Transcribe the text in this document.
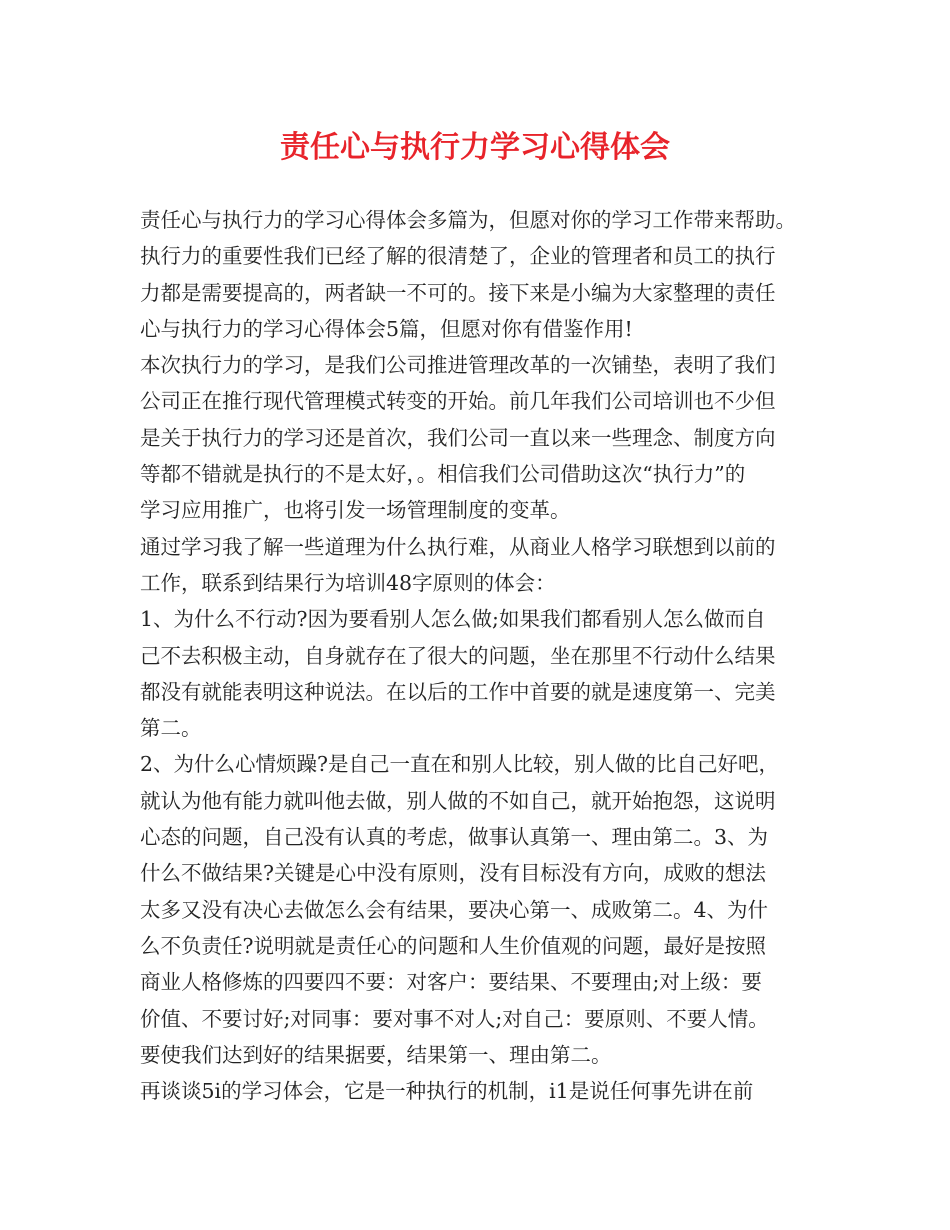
责任心与执行力学习心得体会
责任心与执行力的学习心得体会多篇为，但愿对你的学习工作带来帮助。
执行力的重要性我们已经了解的很清楚了，企业的管理者和员工的执行
力都是需要提高的，两者缺一不可的。接下来是小编为大家整理的责任
心与执行力的学习心得体会5篇，但愿对你有借鉴作用!
本次执行力的学习，是我们公司推进管理改革的一次铺垫，表明了我们
公司正在推行现代管理模式转变的开始。前几年我们公司培训也不少但
是关于执行力的学习还是首次，我们公司一直以来一些理念、制度方向
等都不错就是执行的不是太好，。相信我们公司借助这次“执行力”的
学习应用推广，也将引发一场管理制度的变革。
通过学习我了解一些道理为什么执行难，从商业人格学习联想到以前的
工作，联系到结果行为培训48字原则的体会：
1、为什么不行动?因为要看别人怎么做;如果我们都看别人怎么做而自
己不去积极主动，自身就存在了很大的问题，坐在那里不行动什么结果
都没有就能表明这种说法。在以后的工作中首要的就是速度第一、完美
第二。
2、为什么心情烦躁?是自己一直在和别人比较，别人做的比自己好吧，
就认为他有能力就叫他去做，别人做的不如自己，就开始抱怨，这说明
心态的问题，自己没有认真的考虑，做事认真第一、理由第二。3、为
什么不做结果?关键是心中没有原则，没有目标没有方向，成败的想法
太多又没有决心去做怎么会有结果，要决心第一、成败第二。4、为什
么不负责任?说明就是责任心的问题和人生价值观的问题，最好是按照
商业人格修炼的四要四不要：对客户：要结果、不要理由;对上级：要
价值、不要讨好;对同事：要对事不对人;对自己：要原则、不要人情。
要使我们达到好的结果据要，结果第一、理由第二。
再谈谈5i的学习体会，它是一种执行的机制，i1是说任何事先讲在前
